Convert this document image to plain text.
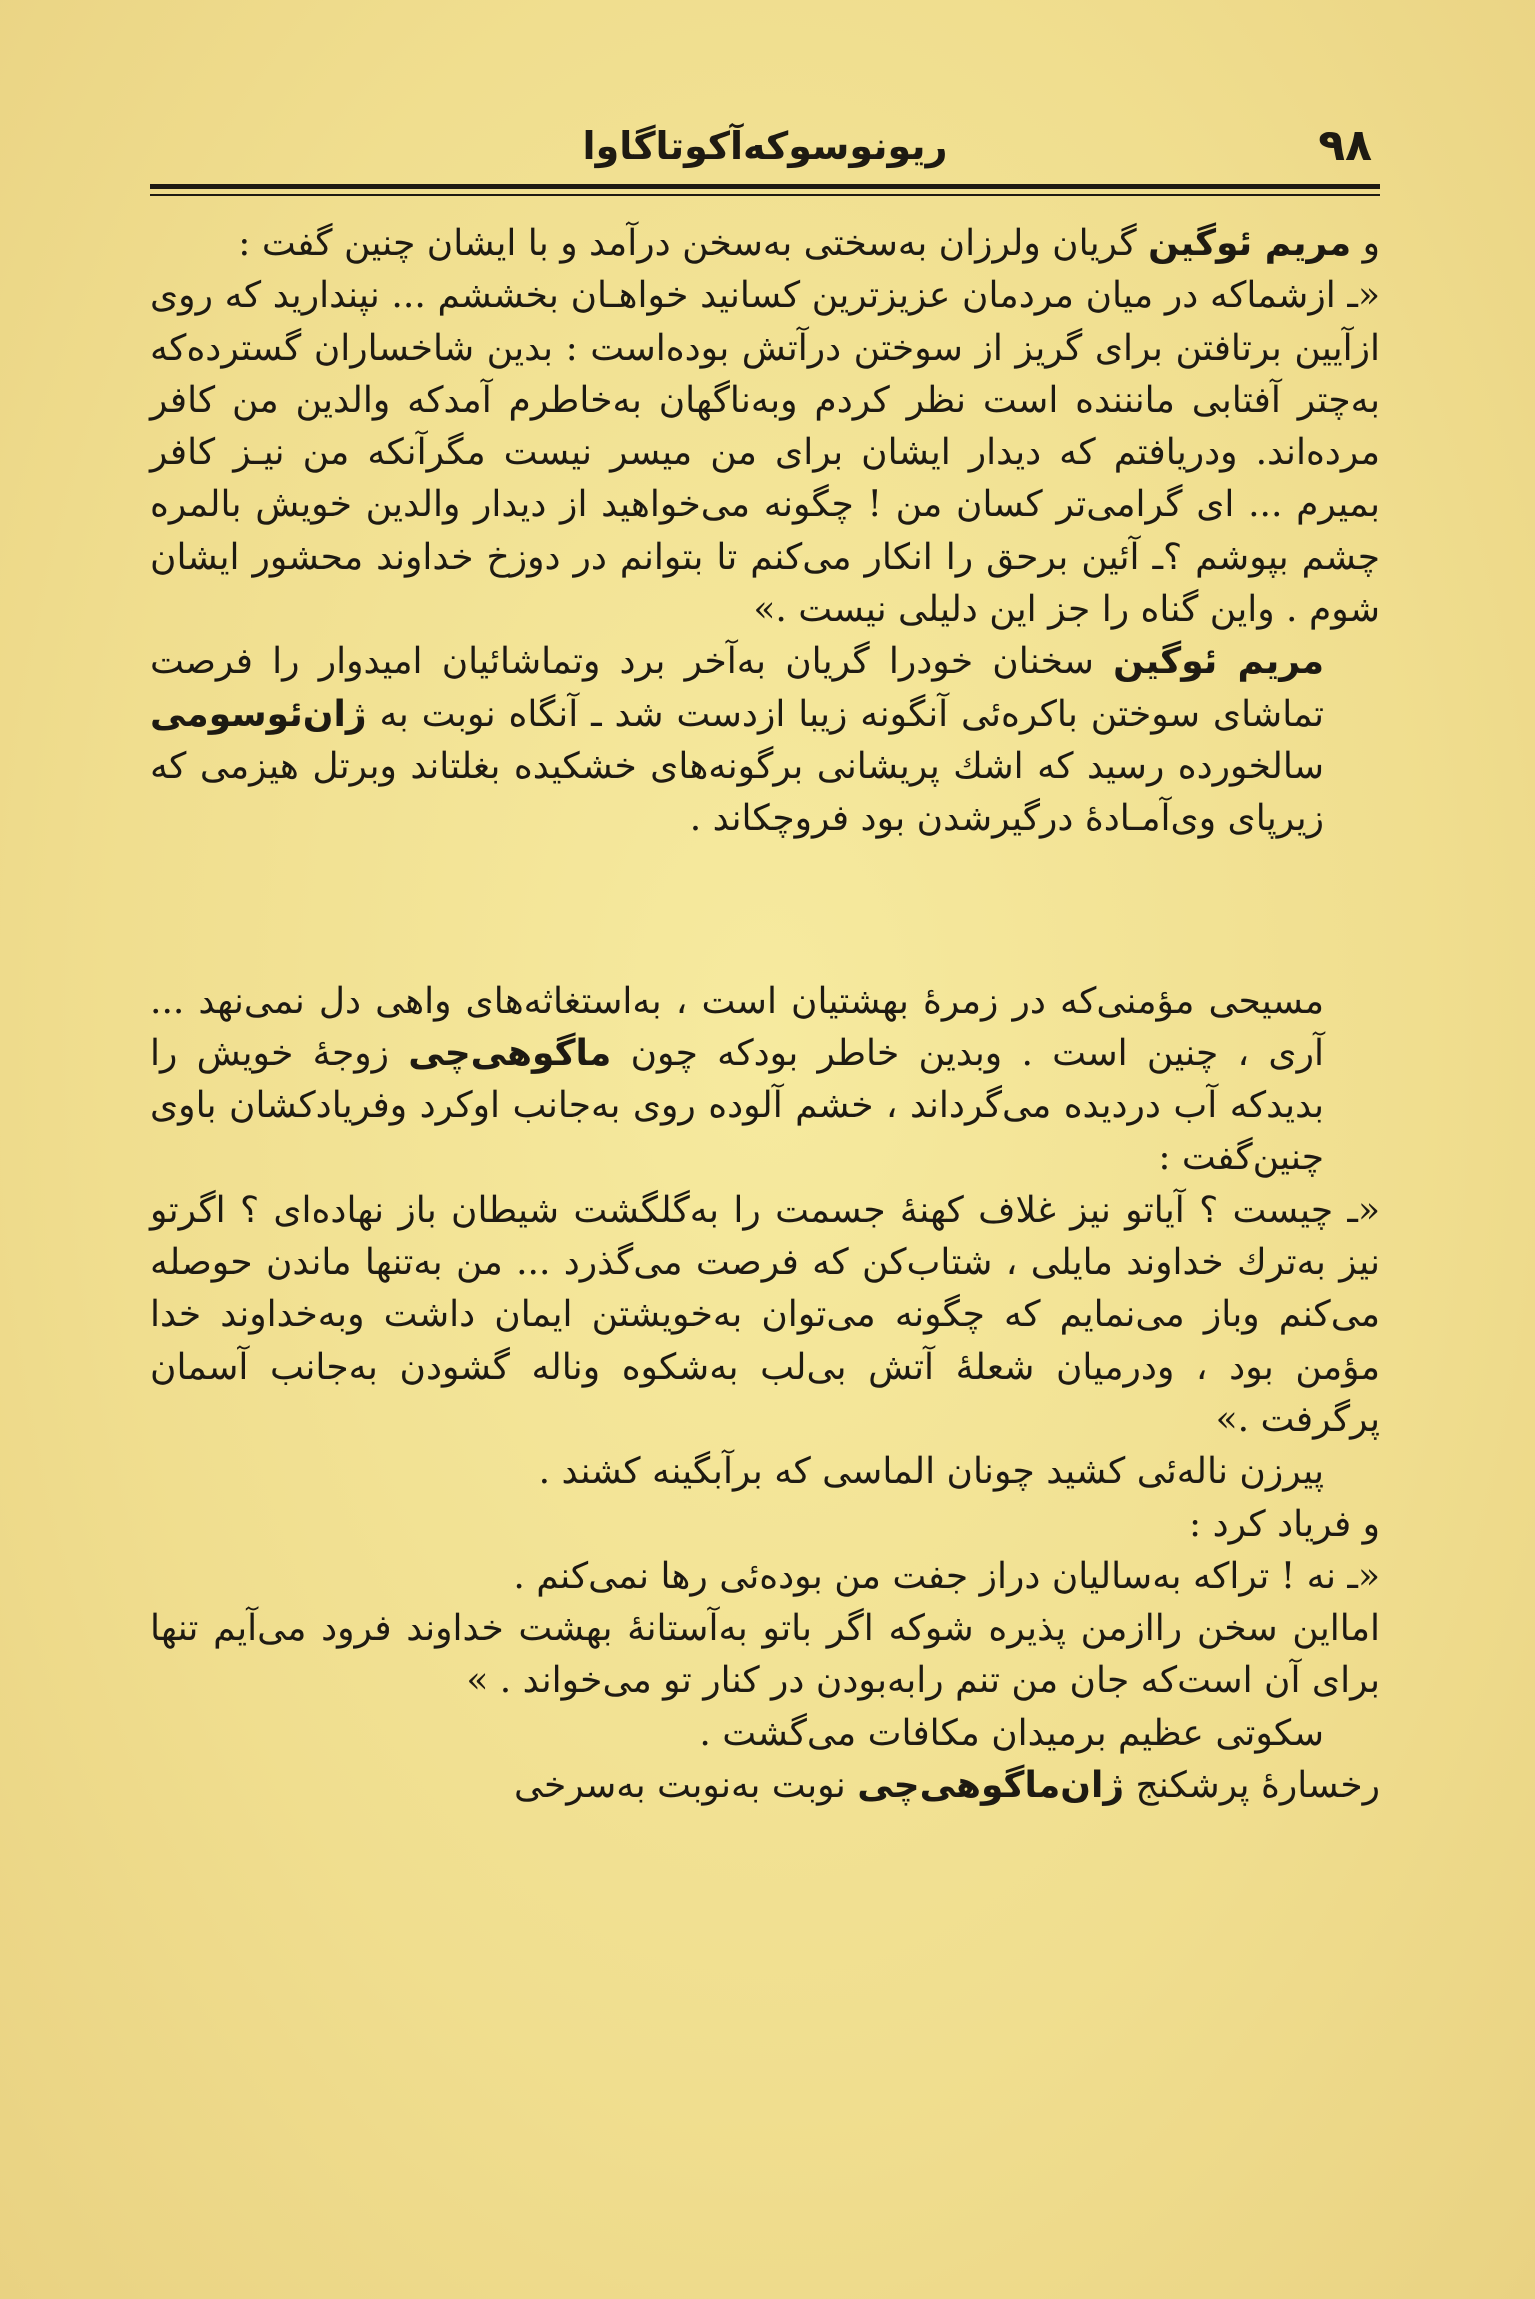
۹۸
ریونوسوکه‌آکوتاگاوا

و مریم ئوگین گریان ولرزان به‌سختی به‌سخن درآمد و با ایشان چنین گفت :

«ـ ازشماکه در میان مردمان عزیزترین کسانید خواهـان بخششم ... نپندارید که روی ازآیین برتافتن برای گریز از سوختن درآتش بوده‌است : بدین شاخساران گسترده‌که به‌چتر آفتابی مانننده است نظر کردم وبه‌ناگهان به‌خاطرم آمدکه والدین من کافر مرده‌اند. ودریافتم که دیدار ایشان برای من میسر نیست مگرآنکه من نیـز کافر بمیرم ... ای گرامی‌تر کسان من ! چگونه می‌خواهید از دیدار والدین خویش بالمره چشم بپوشم ؟ـ آئین برحق را انکار می‌کنم تا بتوانم در دوزخ خداوند محشور ایشان شوم . واین گناه را جز این دلیلی نیست .»

مریم ئوگین سخنان خودرا گریان به‌آخر برد وتماشائیان امیدوار را فرصت تماشای سوختن باکره‌ئی آنگونه زیبا ازدست شد ـ آنگاه نوبت به ژان‌ئوسومی سالخورده رسید که اشك پریشانی برگونه‌های خشکیده بغلتاند وبرتل هیزمی که زیرپای وی‌آمـادهٔ درگیرشدن بود فروچکاند .

مسیحی مؤمنی‌که در زمرهٔ بهشتیان است ، به‌استغاثه‌های واهی دل نمی‌نهد ... آری ، چنین است . وبدین خاطر بودکه چون ماگوهی‌چی زوجهٔ خویش را بدیدکه آب دردیده می‌گرداند ، خشم آلوده روی به‌جانب اوکرد وفریادکشان باوی چنین‌گفت :

«ـ چیست ؟ آیاتو نیز غلاف کهنهٔ جسمت را به‌گلگشت شیطان باز نهاده‌ای ؟ اگرتو نیز به‌ترك خداوند مایلی ، شتاب‌کن که فرصت می‌گذرد ... من به‌تنها ماندن حوصله می‌کنم وباز می‌نمایم که چگونه می‌توان به‌خویشتن ایمان داشت وبه‌خداوند خدا مؤمن بود ، ودرمیان شعلهٔ آتش بی‌لب به‌شکوه وناله گشودن به‌جانب آسمان پرگرفت .»

پیرزن ناله‌ئی کشید چونان الماسی که برآبگینه کشند .

و فریاد کرد :

«ـ نه ! تراکه به‌سالیان دراز جفت من بوده‌ئی رها نمی‌کنم .

امااین سخن رااز‌من پذیره شوکه اگر باتو به‌آستانهٔ بهشت خداوند فرود می‌آیم تنها برای آن است‌که جان من تنم رابه‌بودن در کنار تو می‌خواند . »

سکوتی عظیم برمیدان مکافات می‌گشت .

رخسارهٔ پرشکنج ژان‌ماگوهی‌چی نوبت به‌نوبت به‌سرخی
